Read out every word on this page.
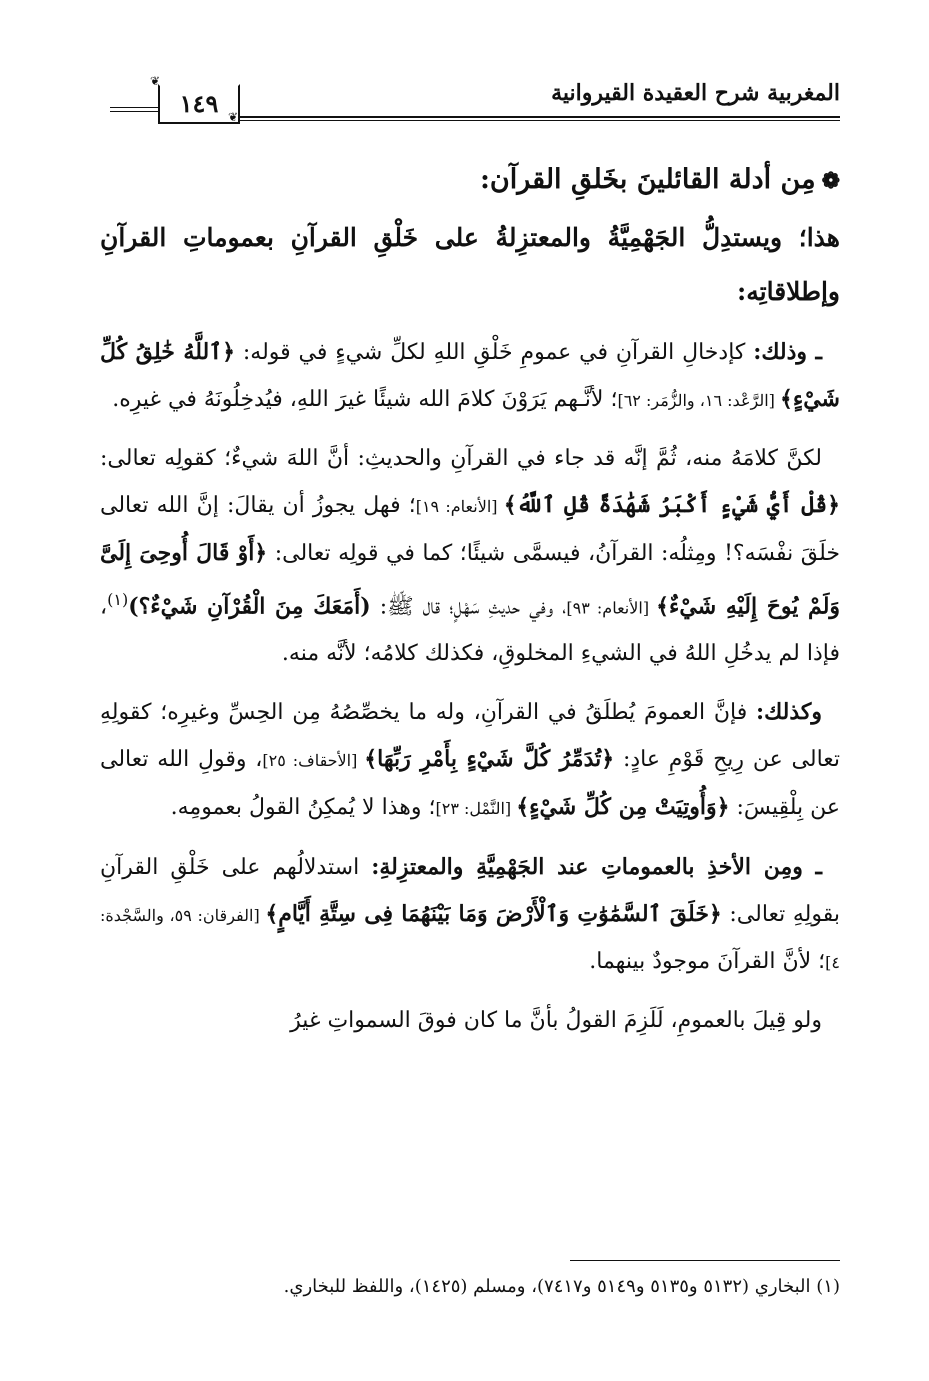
المغربية شرح العقيدة القيروانية
١٤٩
❦
❦
❁مِن أدلة القائلينَ بخَلقِ القرآن:
هذا؛ ويستدِلُّ الجَهْمِيَّةُ والمعتزِلةُ على خَلْقِ القرآنِ بعموماتِ القرآنِ وإطلاقاتِه:

ـ وذلك: كإدخالِ القرآنِ في عمومِ خَلْقِ اللهِ لكلِّ شيءٍ في قوله: ﴿ٱللَّهُ خَٰلِقُ كُلِّ شَيْءٍ﴾ [الرَّعْد: ١٦، والزُّمَر: ٦٢]؛ لأنَّـهم يَرَوْنَ كلامَ الله شيئًا غيرَ اللهِ، فيُدخِلُونَهُ في غيرِه.

لكنَّ كلامَهُ منه، ثُمَّ إنَّه قد جاء في القرآنِ والحديثِ: أنَّ اللهَ شيءٌ؛ كقولِه تعالى: ﴿قُلْ أَيُّ شَيْءٍ أَكْبَرُ شَهَٰدَةً قُلِ ٱللَّهُ﴾ [الأنعام: ١٩]؛ فهل يجوزُ أن يقالَ: إنَّ الله تعالى خلَقَ نفْسَه؟! ومِثلُه: القرآنُ، فيسمَّى شيئًا؛ كما في قولِه تعالى: ﴿أَوْ قَالَ أُوحِىَ إِلَىَّ وَلَمْ يُوحَ إِلَيْهِ شَيْءٌ﴾ [الأنعام: ٩٣]، وفي حديثِ سَهْلٍ؛ قال ﷺ: (أَمَعَكَ مِنَ الْقُرْآنِ شَيْءٌ؟)$^{(١)}$، فإذا لم يدخُلِ اللهُ في الشيءِ المخلوقِ، فكذلك كلامُه؛ لأنَّه منه.

وكذلك: فإنَّ العمومَ يُطلَقُ في القرآنِ، وله ما يخصِّصُهُ مِن الحِسِّ وغيرِه؛ كقولِهِ تعالى عن رِيحِ قَوْمِ عادٍ: ﴿تُدَمِّرُ كُلَّ شَيْءٍ بِأَمْرِ رَبِّهَا﴾ [الأحقاف: ٢٥]، وقولِ الله تعالى عن بِلْقِيسَ: ﴿وَأُوتِيَتْ مِن كُلِّ شَيْءٍ﴾ [النَّمْل: ٢٣]؛ وهذا لا يُمكِنُ القولُ بعمومِه.

ـ ومِن الأخذِ بالعموماتِ عند الجَهْمِيَّةِ والمعتزِلةِ: استدلالُهم على خَلْقِ القرآنِ بقولِهِ تعالى: ﴿خَلَقَ ٱلسَّمَٰوَٰتِ وَٱلْأَرْضَ وَمَا بَيْنَهُمَا فِى سِتَّةِ أَيَّامٍ﴾ [الفرقان: ٥٩، والسَّجْدة: ٤]؛ لأنَّ القرآنَ موجودٌ بينهما.

ولو قِيلَ بالعمومِ، لَلَزِمَ القولُ بأنَّ ما كان فوقَ السمواتِ غيرُ

(١) البخاري (٥١٣٢ و٥١٣٥ و٥١٤٩ و٧٤١٧)، ومسلم (١٤٢٥)، واللفظ للبخاري.
